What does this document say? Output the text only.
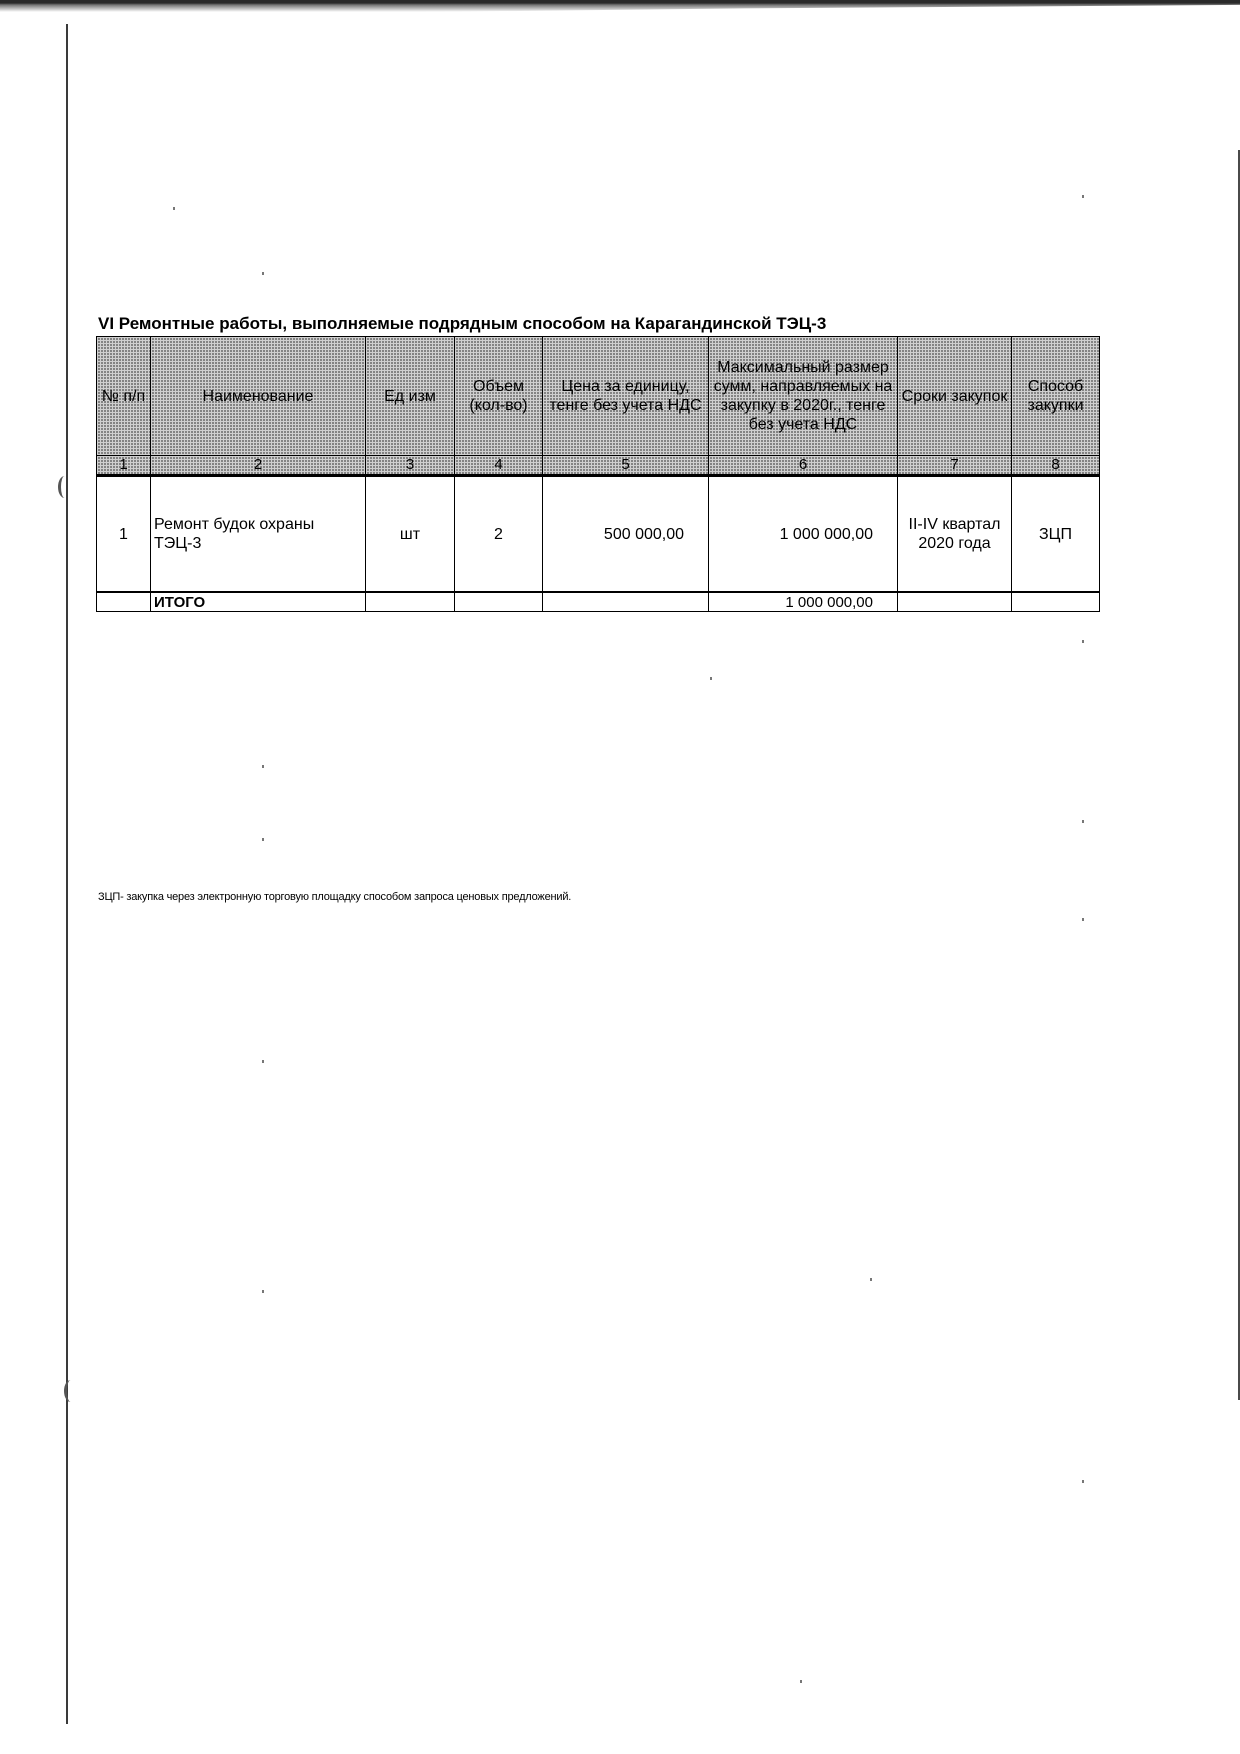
VI Ремонтные работы, выполняемые подрядным способом на Карагандинской ТЭЦ-3
№ п/п	Наименование	Ед изм	Объем (кол-во)	Цена за единицу, тенге без учета НДС	Максимальный размер сумм, направляемых на закупку в 2020г., тенге без учета НДС	Сроки закупок	Способ закупки
1	2	3	4	5	6	7	8
1	Ремонт будок охраны ТЭЦ-3	шт	2	500 000,00	1 000 000,00	II-IV квартал 2020 года	ЗЦП
	ИТОГО				1 000 000,00		
ЗЦП- закупка через электронную торговую площадку способом запроса ценовых предложений.
